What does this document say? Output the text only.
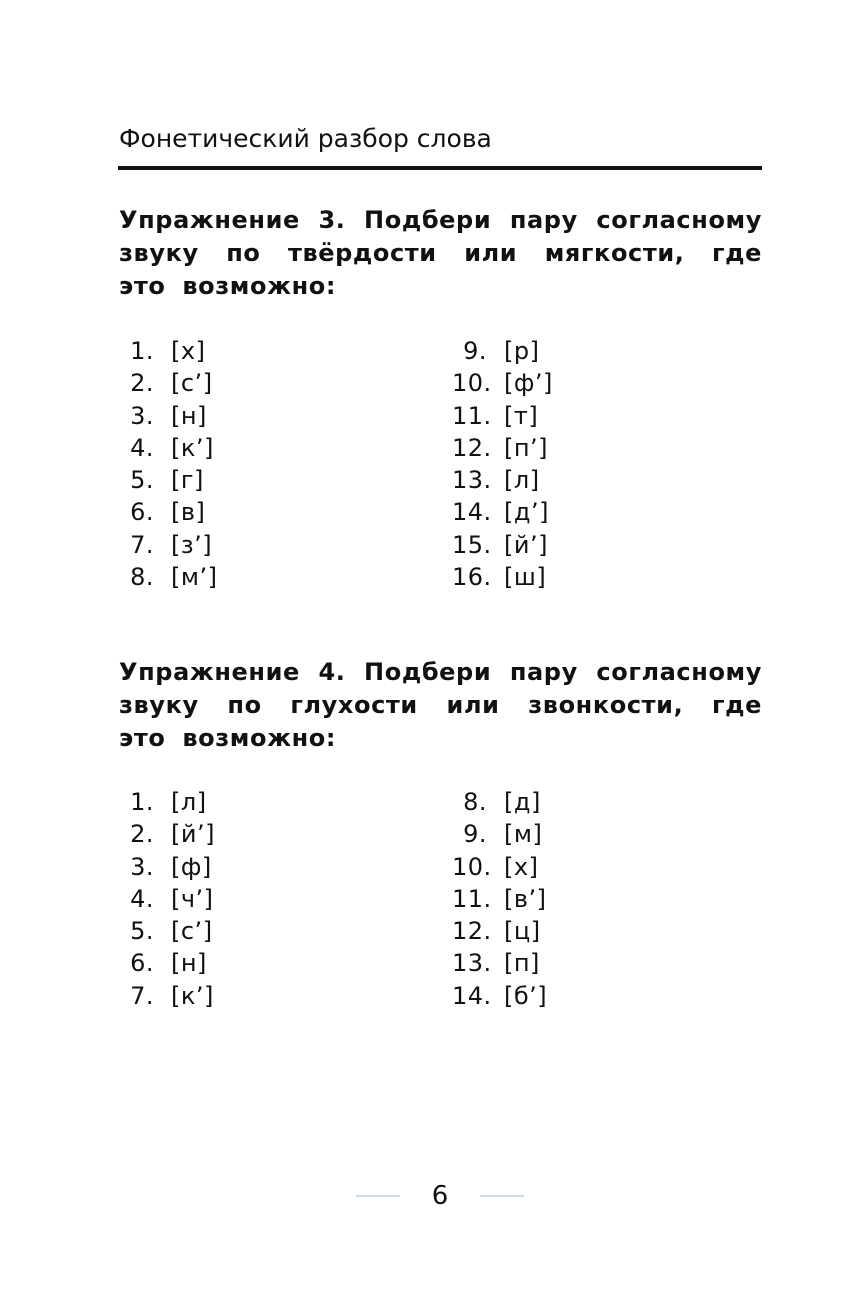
Фонетический разбор слова
Упражнение 3. Подбери пару согласному звуку по твёрдости или мягкости, где это возможно:
1. [х]
2. [с’]
3. [н]
4. [к’]
5. [г]
6. [в]
7. [з’]
8. [м’]
9. [р]
10. [ф’]
11. [т]
12. [п’]
13. [л]
14. [д’]
15. [й’]
16. [ш]
Упражнение 4. Подбери пару согласному звуку по глухости или звонкости, где это возможно:
1. [л]
2. [й’]
3. [ф]
4. [ч’]
5. [с’]
6. [н]
7. [к’]
8. [д]
9. [м]
10. [х]
11. [в’]
12. [ц]
13. [п]
14. [б’]
6
